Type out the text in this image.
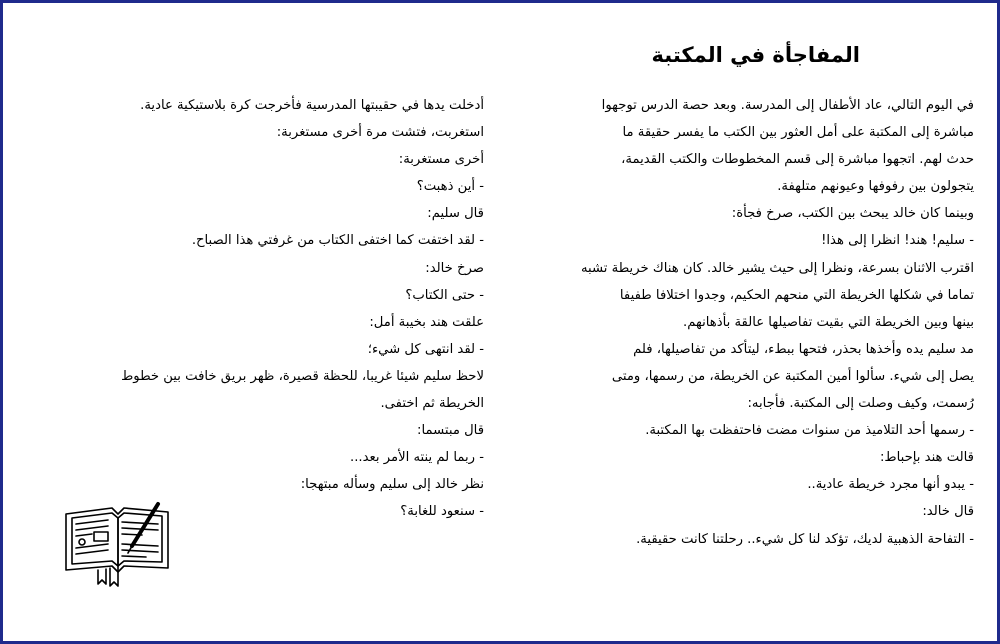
المفاجأة في المكتبة
في اليوم التالي، عاد الأطفال إلى المدرسة. وبعد حصة الدرس توجهوا
مباشرة إلى المكتبة على أمل العثور بين الكتب ما يفسر حقيقة ما
حدث لهم. اتجهوا مباشرة إلى قسم المخطوطات والكتب القديمة،
يتجولون بين رفوفها وعيونهم متلهفة.
وبينما كان خالد يبحث بين الكتب، صرخ فجأة:
- سليم! هند! انظرا إلى هذا!
اقترب الاثنان بسرعة، ونظرا إلى حيث يشير خالد. كان هناك خريطة تشبه
تماما في شكلها الخريطة التي منحهم الحكيم، وجدوا اختلافا طفيفا
بينها وبين الخريطة التي بقيت تفاصيلها عالقة بأذهانهم.
مد سليم يده وأخذها بحذر، فتحها ببطء، ليتأكد من تفاصيلها، فلم
يصل إلى شيء. سألوا أمين المكتبة عن الخريطة، من رسمها، ومتى
رُسمت، وكيف وصلت إلى المكتبة. فأجابه:
- رسمها أحد التلاميذ من سنوات مضت فاحتفظت بها المكتبة.
قالت هند بإحباط:
- يبدو أنها مجرد خريطة عادية..
قال خالد:
- التفاحة الذهبية لديك، تؤكد لنا كل شيء.. رحلتنا كانت حقيقية.
أدخلت يدها في حقيبتها المدرسية فأخرجت كرة بلاستيكية عادية.
استغربت، فتشت مرة أخرى مستغربة:
أخرى مستغربة:
- أين ذهبت؟
قال سليم:
- لقد اختفت كما اختفى الكتاب من غرفتي هذا الصباح.
صرخ خالد:
- حتى الكتاب؟
علقت هند بخيبة أمل:
- لقد انتهى كل شيء؛
لاحظ سليم شيئا غريبا، للحظة قصيرة، ظهر بريق خافت بين خطوط
الخريطة ثم اختفى.
قال مبتسما:
- ربما لم ينته الأمر بعد...
نظر خالد إلى سليم وسأله مبتهجا:
- سنعود للغابة؟
